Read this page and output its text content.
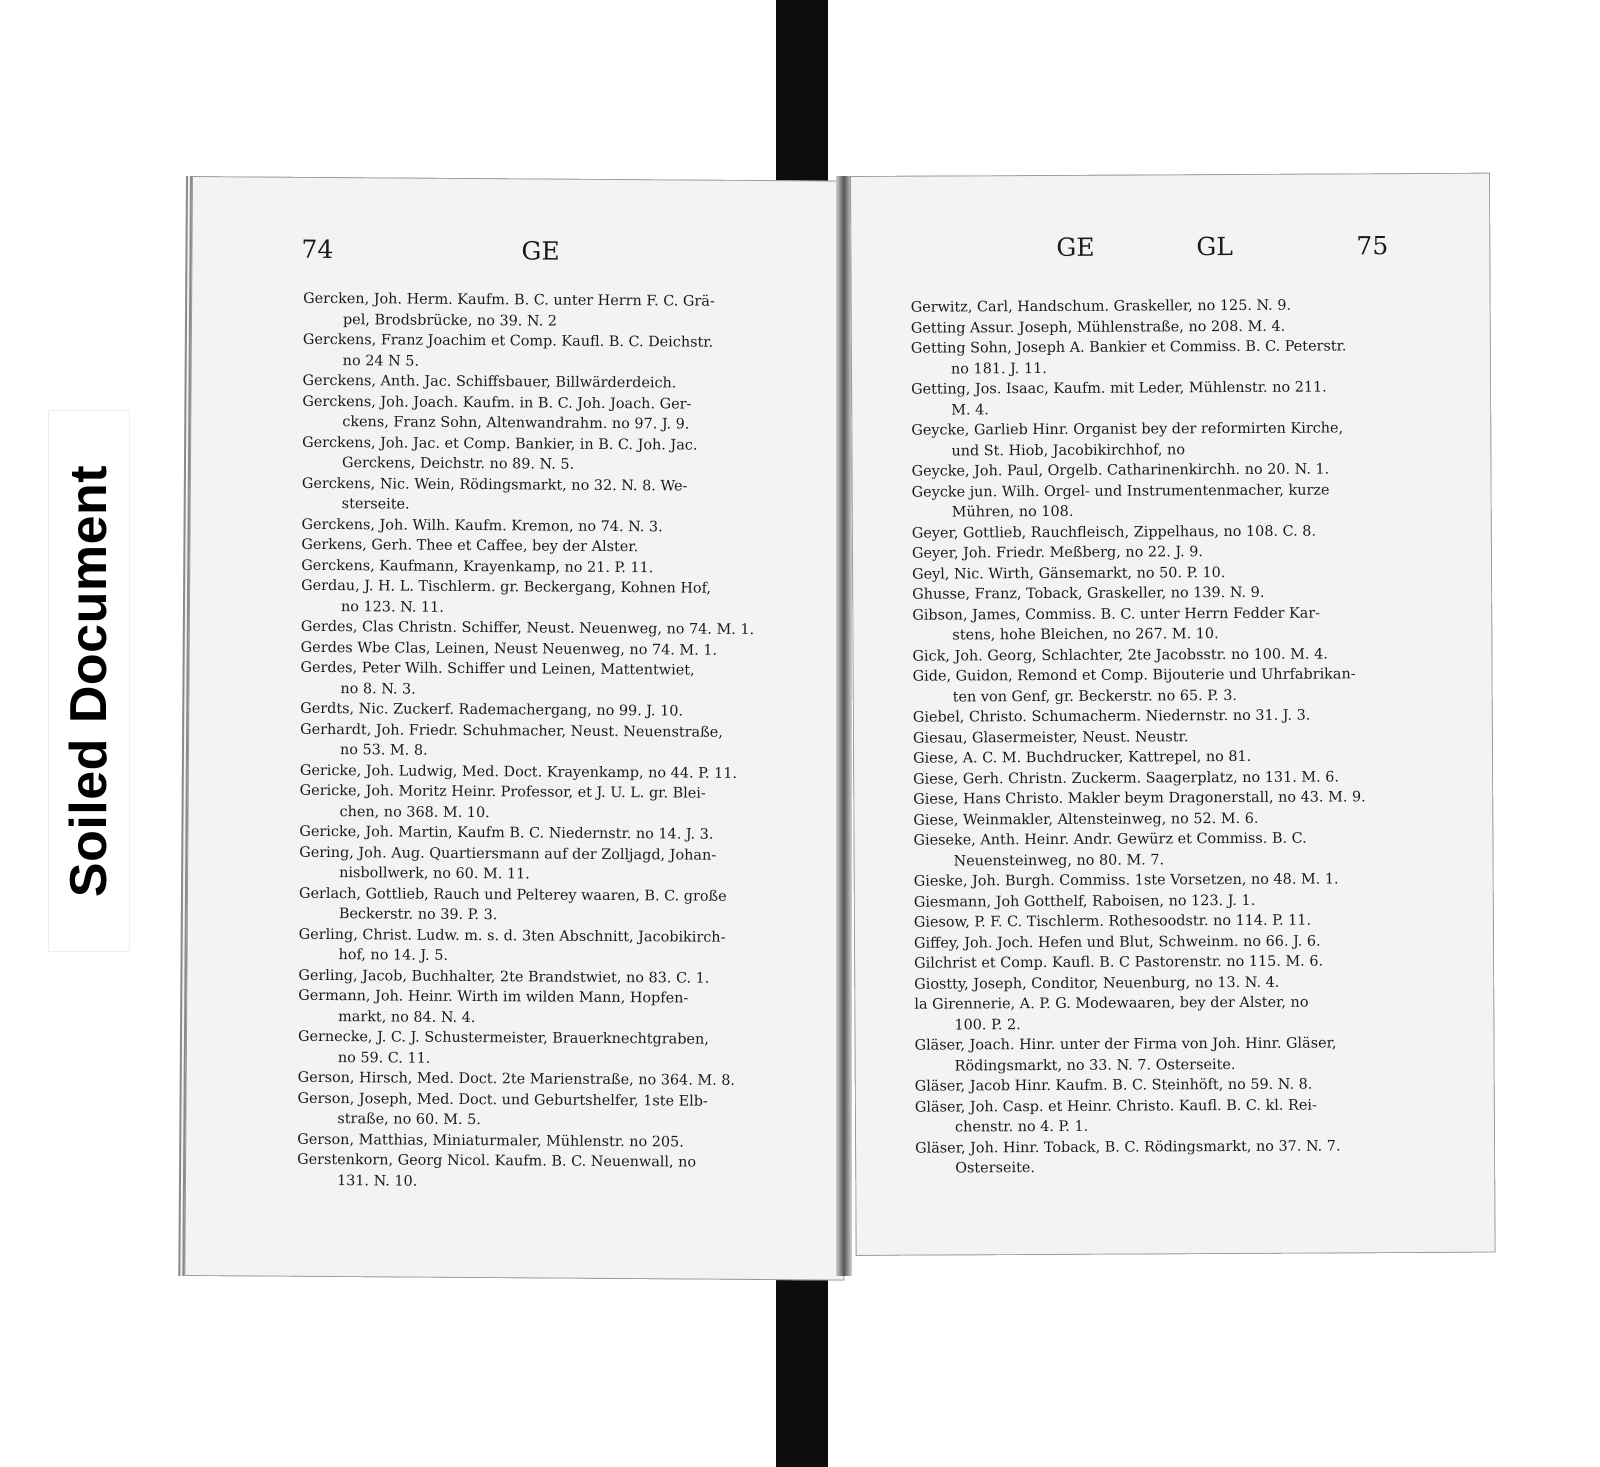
Soiled Document
74	GE
Gercken, Joh. Herm. Kaufm. B. C. unter Herrn F. C. Grä-
pel, Brodsbrücke, no 39. N. 2
Gerckens, Franz Joachim et Comp. Kaufl. B. C. Deichstr.
no 24 N 5.
Gerckens, Anth. Jac. Schiffsbauer, Billwärderdeich.
Gerckens, Joh. Joach. Kaufm. in B. C. Joh. Joach. Ger-
ckens, Franz Sohn, Altenwandrahm. no 97. J. 9.
Gerckens, Joh. Jac. et Comp. Bankier, in B. C. Joh. Jac.
Gerckens, Deichstr. no 89. N. 5.
Gerckens, Nic. Wein, Rödingsmarkt, no 32. N. 8. We-
sterseite.
Gerckens, Joh. Wilh. Kaufm. Kremon, no 74. N. 3.
Gerkens, Gerh. Thee et Caffee, bey der Alster.
Gerckens, Kaufmann, Krayenkamp, no 21. P. 11.
Gerdau, J. H. L. Tischlerm. gr. Beckergang, Kohnen Hof,
no 123. N. 11.
Gerdes, Clas Christn. Schiffer, Neust. Neuenweg, no 74. M. 1.
Gerdes Wbe Clas, Leinen, Neust Neuenweg, no 74. M. 1.
Gerdes, Peter Wilh. Schiffer und Leinen, Mattentwiet,
no 8. N. 3.
Gerdts, Nic. Zuckerf. Rademachergang, no 99. J. 10.
Gerhardt, Joh. Friedr. Schuhmacher, Neust. Neuenstraße,
no 53. M. 8.
Gericke, Joh. Ludwig, Med. Doct. Krayenkamp, no 44. P. 11.
Gericke, Joh. Moritz Heinr. Professor, et J. U. L. gr. Blei-
chen, no 368. M. 10.
Gericke, Joh. Martin, Kaufm B. C. Niedernstr. no 14. J. 3.
Gering, Joh. Aug. Quartiersmann auf der Zolljagd, Johan-
nisbollwerk, no 60. M. 11.
Gerlach, Gottlieb, Rauch und Pelterey waaren, B. C. große
Beckerstr. no 39. P. 3.
Gerling, Christ. Ludw. m. s. d. 3ten Abschnitt, Jacobikirch-
hof, no 14. J. 5.
Gerling, Jacob, Buchhalter, 2te Brandstwiet, no 83. C. 1.
Germann, Joh. Heinr. Wirth im wilden Mann, Hopfen-
markt, no 84. N. 4.
Gernecke, J. C. J. Schustermeister, Brauerknechtgraben,
no 59. C. 11.
Gerson, Hirsch, Med. Doct. 2te Marienstraße, no 364. M. 8.
Gerson, Joseph, Med. Doct. und Geburtshelfer, 1ste Elb-
straße, no 60. M. 5.
Gerson, Matthias, Miniaturmaler, Mühlenstr. no 205.
Gerstenkorn, Georg Nicol. Kaufm. B. C. Neuenwall, no
131. N. 10.
GE	GL	75
Gerwitz, Carl, Handschum. Graskeller, no 125. N. 9.
Getting Assur. Joseph, Mühlenstraße, no 208. M. 4.
Getting Sohn, Joseph A. Bankier et Commiss. B. C. Peterstr.
no 181. J. 11.
Getting, Jos. Isaac, Kaufm. mit Leder, Mühlenstr. no 211.
M. 4.
Geycke, Garlieb Hinr. Organist bey der reformirten Kirche,
und St. Hiob, Jacobikirchhof, no
Geycke, Joh. Paul, Orgelb. Catharinenkirchh. no 20. N. 1.
Geycke jun. Wilh. Orgel- und Instrumentenmacher, kurze
Mühren, no 108.
Geyer, Gottlieb, Rauchfleisch, Zippelhaus, no 108. C. 8.
Geyer, Joh. Friedr. Meßberg, no 22. J. 9.
Geyl, Nic. Wirth, Gänsemarkt, no 50. P. 10.
Ghusse, Franz, Toback, Graskeller, no 139. N. 9.
Gibson, James, Commiss. B. C. unter Herrn Fedder Kar-
stens, hohe Bleichen, no 267. M. 10.
Gick, Joh. Georg, Schlachter, 2te Jacobsstr. no 100. M. 4.
Gide, Guidon, Remond et Comp. Bijouterie und Uhrfabrikan-
ten von Genf, gr. Beckerstr. no 65. P. 3.
Giebel, Christo. Schumacherm. Niedernstr. no 31. J. 3.
Giesau, Glasermeister, Neust. Neustr.
Giese, A. C. M. Buchdrucker, Kattrepel, no 81.
Giese, Gerh. Christn. Zuckerm. Saagerplatz, no 131. M. 6.
Giese, Hans Christo. Makler beym Dragonerstall, no 43. M. 9.
Giese, Weinmakler, Altensteinweg, no 52. M. 6.
Gieseke, Anth. Heinr. Andr. Gewürz et Commiss. B. C.
Neuensteinweg, no 80. M. 7.
Gieske, Joh. Burgh. Commiss. 1ste Vorsetzen, no 48. M. 1.
Giesmann, Joh Gotthelf, Raboisen, no 123. J. 1.
Giesow, P. F. C. Tischlerm. Rothesoodstr. no 114. P. 11.
Giffey, Joh. Joch. Hefen und Blut, Schweinm. no 66. J. 6.
Gilchrist et Comp. Kaufl. B. C Pastorenstr. no 115. M. 6.
Giostty, Joseph, Conditor, Neuenburg, no 13. N. 4.
la Girennerie, A. P. G. Modewaaren, bey der Alster, no
100. P. 2.
Gläser, Joach. Hinr. unter der Firma von Joh. Hinr. Gläser,
Rödingsmarkt, no 33. N. 7. Osterseite.
Gläser, Jacob Hinr. Kaufm. B. C. Steinhöft, no 59. N. 8.
Gläser, Joh. Casp. et Heinr. Christo. Kaufl. B. C. kl. Rei-
chenstr. no 4. P. 1.
Gläser, Joh. Hinr. Toback, B. C. Rödingsmarkt, no 37. N. 7.
Osterseite.
